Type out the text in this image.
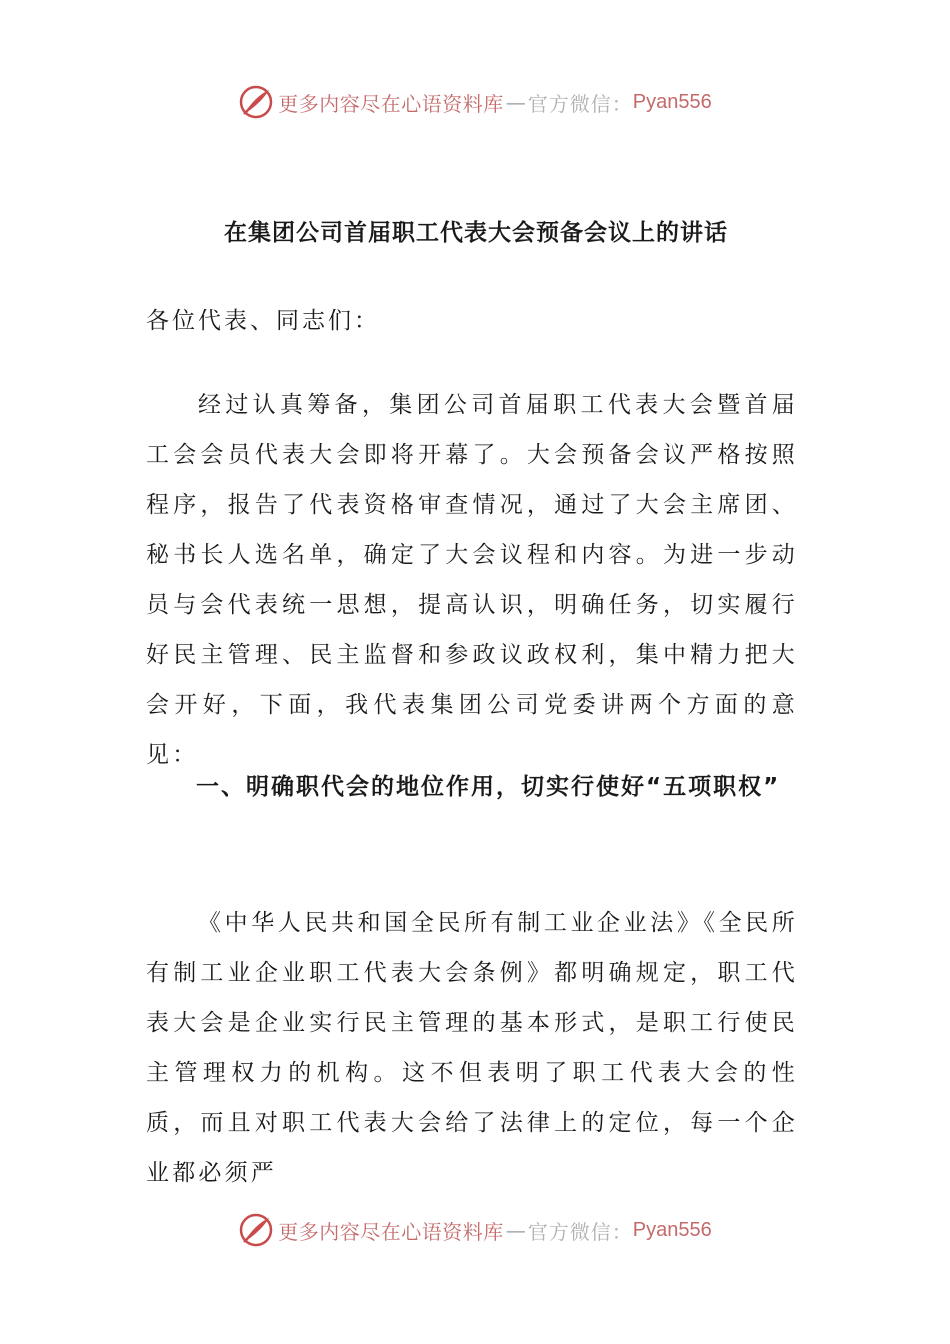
更多内容尽在心语资料库 — 官方微信： Pyan556
在集团公司首届职工代表大会预备会议上的讲话
各位代表、同志们：

经过认真筹备，集团公司首届职工代表大会暨首届工会会员代表大会即将开幕了。大会预备会议严格按照程序，报告了代表资格审查情况，通过了大会主席团、秘书长人选名单，确定了大会议程和内容。为进一步动员与会代表统一思想，提高认识，明确任务，切实履行好民主管理、民主监督和参政议政权利，集中精力把大会开好，下面，我代表集团公司党委讲两个方面的意见：

一、明确职代会的地位作用，切实行使好“五项职权”

《中华人民共和国全民所有制工业企业法》《全民所有制工业企业职工代表大会条例》都明确规定，职工代表大会是企业实行民主管理的基本形式，是职工行使民主管理权力的机构。这不但表明了职工代表大会的性质，而且对职工代表大会给了法律上的定位，每一个企业都必须严

更多内容尽在心语资料库 — 官方微信： Pyan556
